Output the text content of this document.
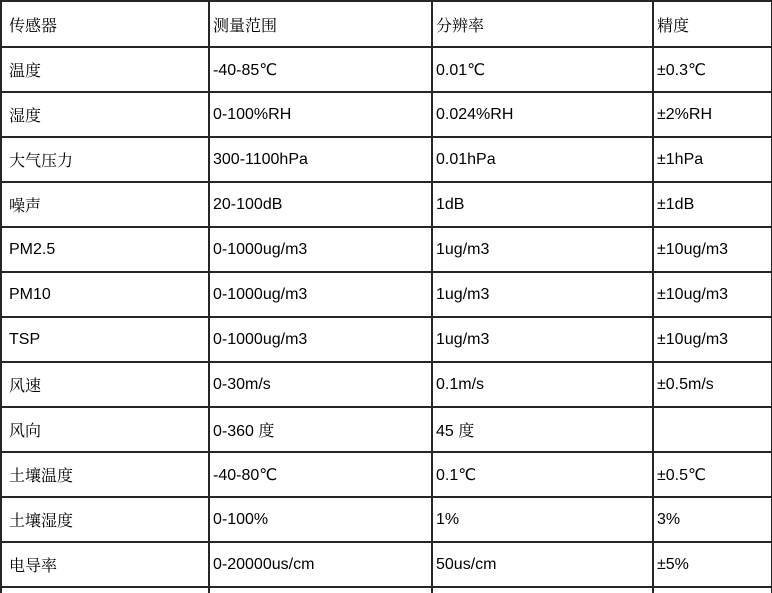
传感器	测量范围	分辨率	精度
温度	-40-85℃	0.01℃	±0.3℃
湿度	0-100%RH	0.024%RH	±2%RH
大气压力	300-1100hPa	0.01hPa	±1hPa
噪声	20-100dB	1dB	±1dB
PM2.5	0-1000ug/m3	1ug/m3	±10ug/m3
PM10	0-1000ug/m3	1ug/m3	±10ug/m3
TSP	0-1000ug/m3	1ug/m3	±10ug/m3
风速	0-30m/s	0.1m/s	±0.5m/s
风向	0-360 度	45 度	
土壤温度	-40-80℃	0.1℃	±0.5℃
土壤湿度	0-100%	1%	3%
电导率	0-20000us/cm	50us/cm	±5%
